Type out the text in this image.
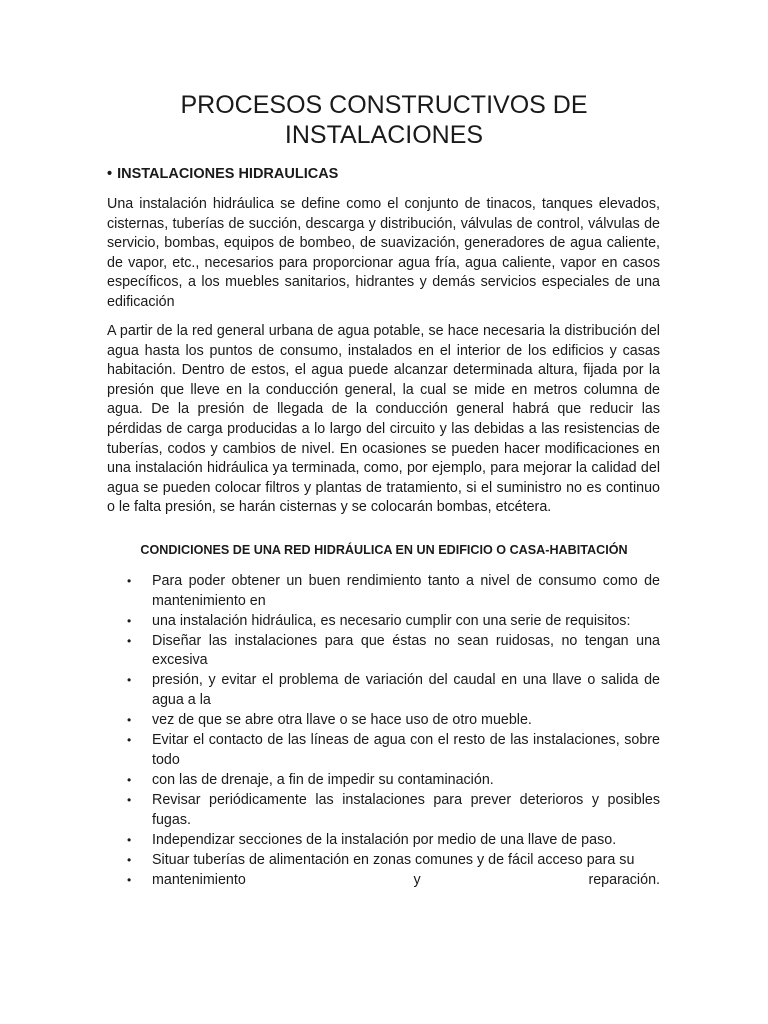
PROCESOS CONSTRUCTIVOS DE
INSTALACIONES
• INSTALACIONES HIDRAULICAS

Una instalación hidráulica se define como el conjunto de tinacos, tanques elevados, cisternas, tuberías de succión, descarga y distribución, válvulas de control, válvulas de servicio, bombas, equipos de bombeo, de suavización, generadores de agua caliente, de vapor, etc., necesarios para proporcionar agua fría, agua caliente, vapor en casos específicos, a los muebles sanitarios, hidrantes y demás servicios especiales de una edificación

A partir de la red general urbana de agua potable, se hace necesaria la distribución del agua hasta los puntos de consumo, instalados en el interior de los edificios y casas habitación. Dentro de estos, el agua puede alcanzar determinada altura, fijada por la presión que lleve en la conducción general, la cual se mide en metros columna de agua. De la presión de llegada de la conducción general habrá que reducir las pérdidas de carga producidas a lo largo del circuito y las debidas a las resistencias de tuberías, codos y cambios de nivel. En ocasiones se pueden hacer modificaciones en una instalación hidráulica ya terminada, como, por ejemplo, para mejorar la calidad del agua se pueden colocar filtros y plantas de tratamiento, si el suministro no es continuo o le falta presión, se harán cisternas y se colocarán bombas, etcétera.

CONDICIONES DE UNA RED HIDRÁULICA EN UN EDIFICIO O CASA-HABITACIÓN
• Para poder obtener un buen rendimiento tanto a nivel de consumo como de mantenimiento en
• una instalación hidráulica, es necesario cumplir con una serie de requisitos:
• Diseñar las instalaciones para que éstas no sean ruidosas, no tengan una excesiva
• presión, y evitar el problema de variación del caudal en una llave o salida de agua a la
• vez de que se abre otra llave o se hace uso de otro mueble.
• Evitar el contacto de las líneas de agua con el resto de las instalaciones, sobre todo
• con las de drenaje, a fin de impedir su contaminación.
• Revisar periódicamente las instalaciones para prever deterioros y posibles fugas.
• Independizar secciones de la instalación por medio de una llave de paso.
• Situar tuberías de alimentación en zonas comunes y de fácil acceso para su
• mantenimiento y reparación.
